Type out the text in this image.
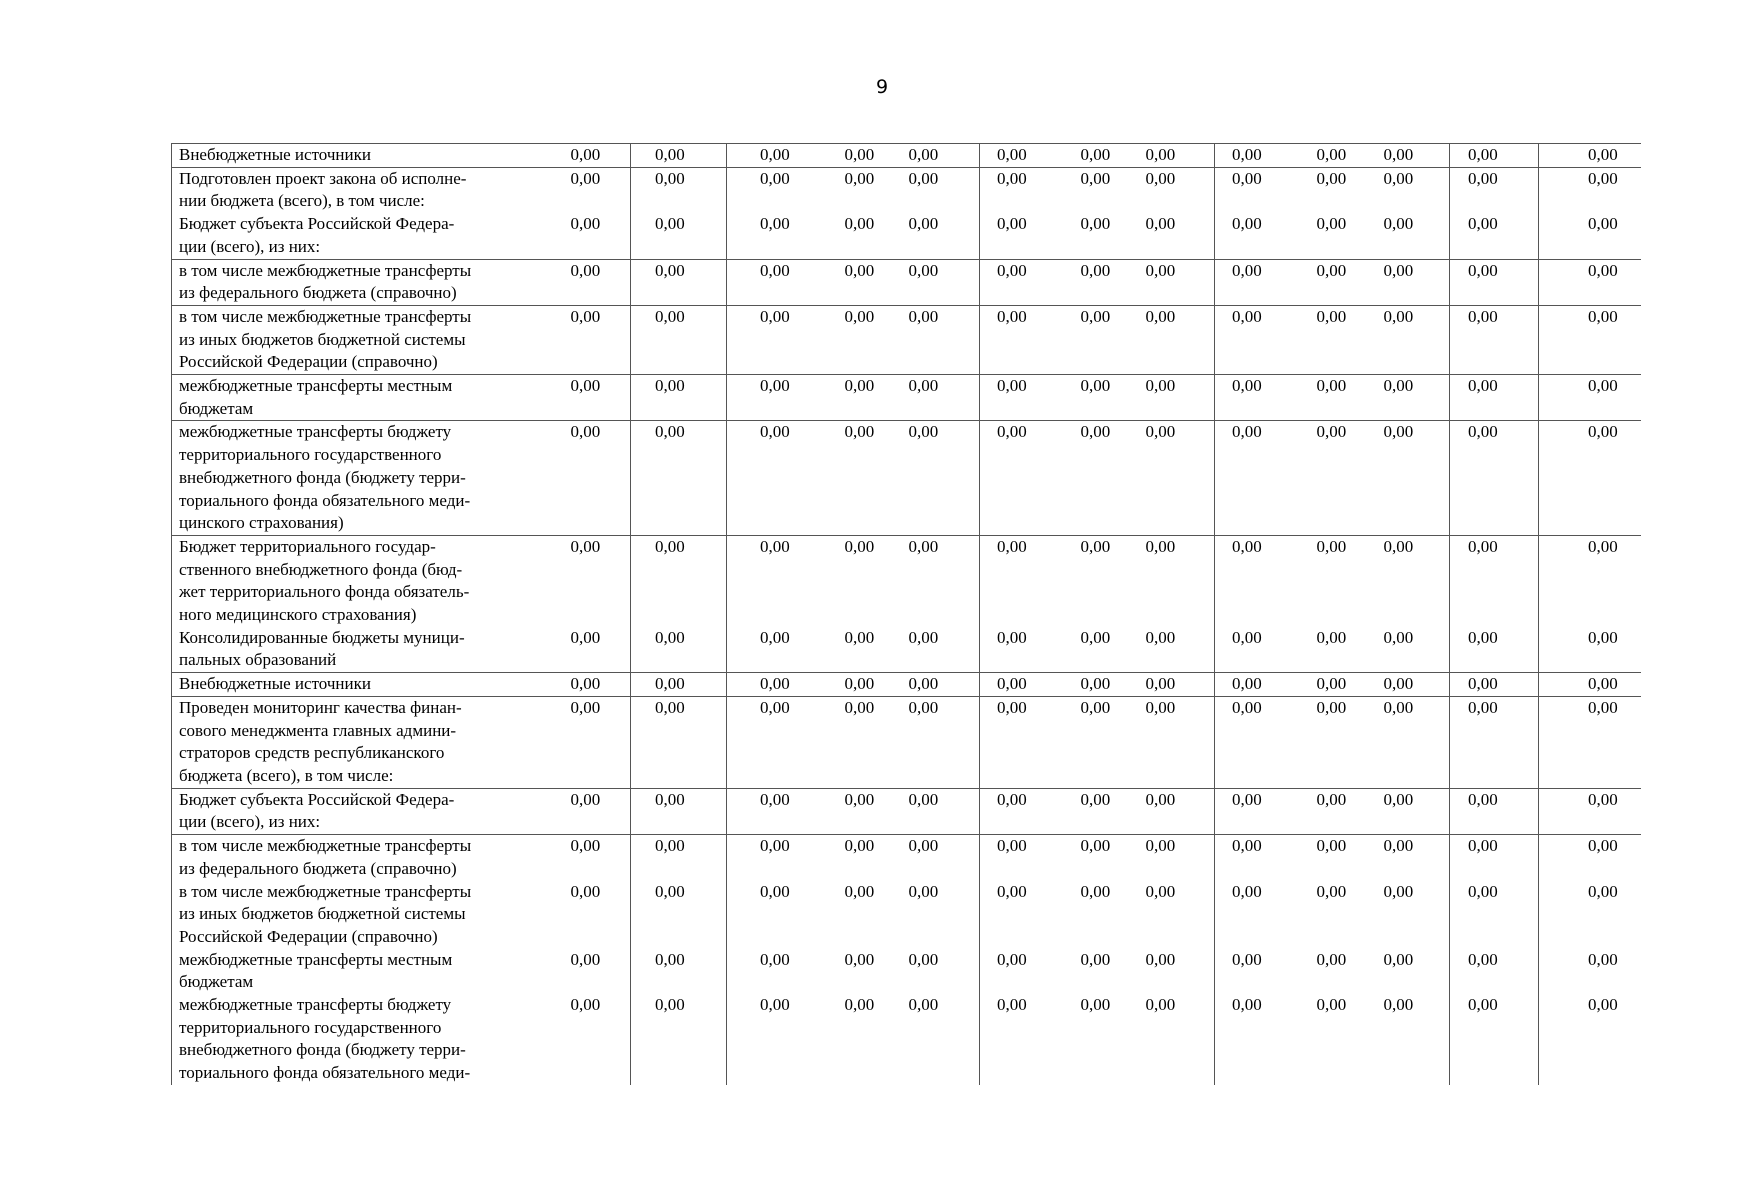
9
Внебюджетные источники	0,00	0,00	0,00	0,00	0,00	0,00	0,00	0,00	0,00	0,00	0,00	0,00	0,00	
Подготовлен проект закона об исполне-
нии бюджета (всего), в том числе:	0,00	0,00	0,00	0,00	0,00	0,00	0,00	0,00	0,00	0,00	0,00	0,00	0,00	
Бюджет субъекта Российской Федера-
ции (всего), из них:	0,00	0,00	0,00	0,00	0,00	0,00	0,00	0,00	0,00	0,00	0,00	0,00	0,00	
в том числе межбюджетные трансферты
из федерального бюджета (справочно)	0,00	0,00	0,00	0,00	0,00	0,00	0,00	0,00	0,00	0,00	0,00	0,00	0,00	
в том числе межбюджетные трансферты
из иных бюджетов бюджетной системы
Российской Федерации (справочно)	0,00	0,00	0,00	0,00	0,00	0,00	0,00	0,00	0,00	0,00	0,00	0,00	0,00	
межбюджетные трансферты местным
бюджетам	0,00	0,00	0,00	0,00	0,00	0,00	0,00	0,00	0,00	0,00	0,00	0,00	0,00	
межбюджетные трансферты бюджету
территориального государственного
внебюджетного фонда (бюджету терри-
ториального фонда обязательного меди-
цинского страхования)	0,00	0,00	0,00	0,00	0,00	0,00	0,00	0,00	0,00	0,00	0,00	0,00	0,00	
Бюджет территориального государ-
ственного внебюджетного фонда (бюд-
жет территориального фонда обязатель-
ного медицинского страхования)	0,00	0,00	0,00	0,00	0,00	0,00	0,00	0,00	0,00	0,00	0,00	0,00	0,00	
Консолидированные бюджеты муници-
пальных образований	0,00	0,00	0,00	0,00	0,00	0,00	0,00	0,00	0,00	0,00	0,00	0,00	0,00	
Внебюджетные источники	0,00	0,00	0,00	0,00	0,00	0,00	0,00	0,00	0,00	0,00	0,00	0,00	0,00	
Проведен мониторинг качества финан-
сового менеджмента главных админи-
страторов средств республиканского
бюджета (всего), в том числе:	0,00	0,00	0,00	0,00	0,00	0,00	0,00	0,00	0,00	0,00	0,00	0,00	0,00	
Бюджет субъекта Российской Федера-
ции (всего), из них:	0,00	0,00	0,00	0,00	0,00	0,00	0,00	0,00	0,00	0,00	0,00	0,00	0,00	
в том числе межбюджетные трансферты
из федерального бюджета (справочно)	0,00	0,00	0,00	0,00	0,00	0,00	0,00	0,00	0,00	0,00	0,00	0,00	0,00	
в том числе межбюджетные трансферты
из иных бюджетов бюджетной системы
Российской Федерации (справочно)	0,00	0,00	0,00	0,00	0,00	0,00	0,00	0,00	0,00	0,00	0,00	0,00	0,00	
межбюджетные трансферты местным
бюджетам	0,00	0,00	0,00	0,00	0,00	0,00	0,00	0,00	0,00	0,00	0,00	0,00	0,00	
межбюджетные трансферты бюджету
территориального государственного
внебюджетного фонда (бюджету терри-
ториального фонда обязательного меди-	0,00	0,00	0,00	0,00	0,00	0,00	0,00	0,00	0,00	0,00	0,00	0,00	0,00	
